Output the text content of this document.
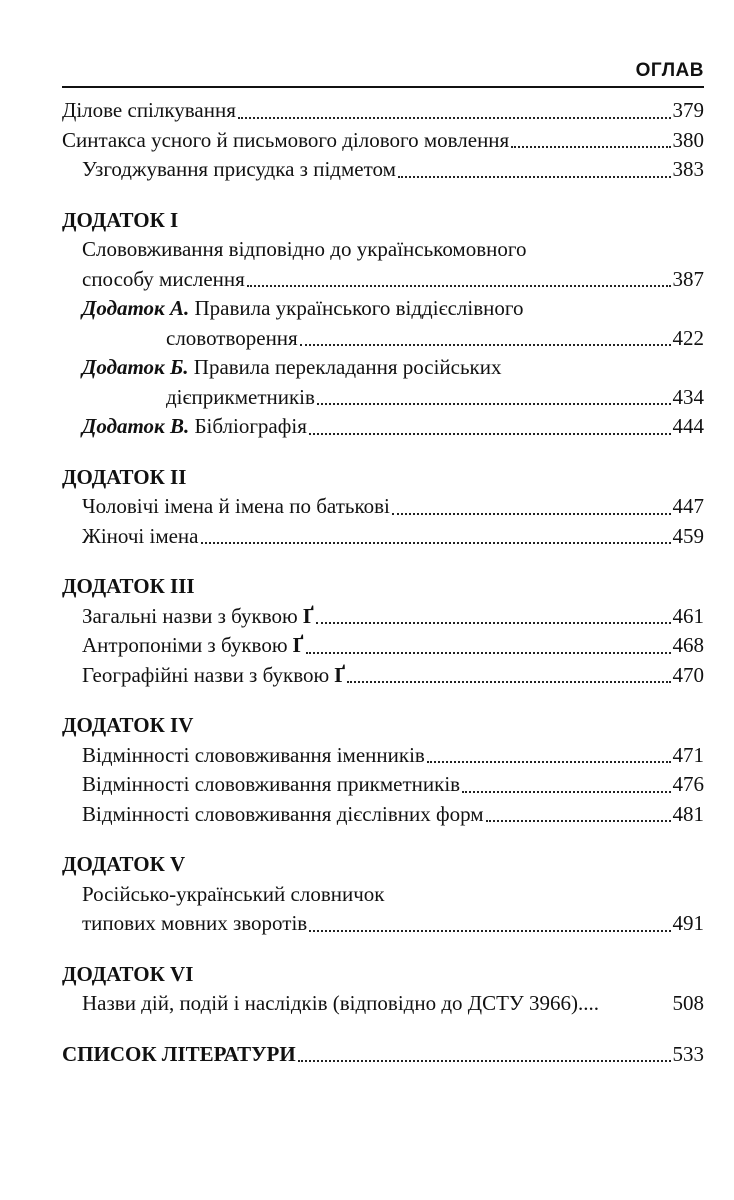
ОГЛАВ
Ділове спілкування	379
Синтакса усного й письмового ділового мовлення	380
Узгоджування присудка з підметом	383
ДОДАТОК І
Слововживання відповідно до українськомовного
способу мислення	387
Додаток А.
Правила українського віддієслівного
словотворення	422
Додаток Б.
Правила перекладання російських
дієприкметників	434
Додаток В.
Бібліографія	444
ДОДАТОК ІІ
Чоловічі імена й імена по батькові	447
Жіночі імена	459
ДОДАТОК ІІІ
Загальні назви з буквою
Ґ	461
Антропоніми з буквою
Ґ	468
Географійні назви з буквою
Ґ	470
ДОДАТОК IV
Відмінності слововживання іменників	471
Відмінності слововживання прикметників	476
Відмінності слововживання дієслівних форм	481
ДОДАТОК V
Російсько-український словничок
типових мовних зворотів	491
ДОДАТОК VI
Назви дій, подій і наслідків (відповідно до ДСТУ 3966)....	508
СПИСОК ЛІТЕРАТУРИ	533
